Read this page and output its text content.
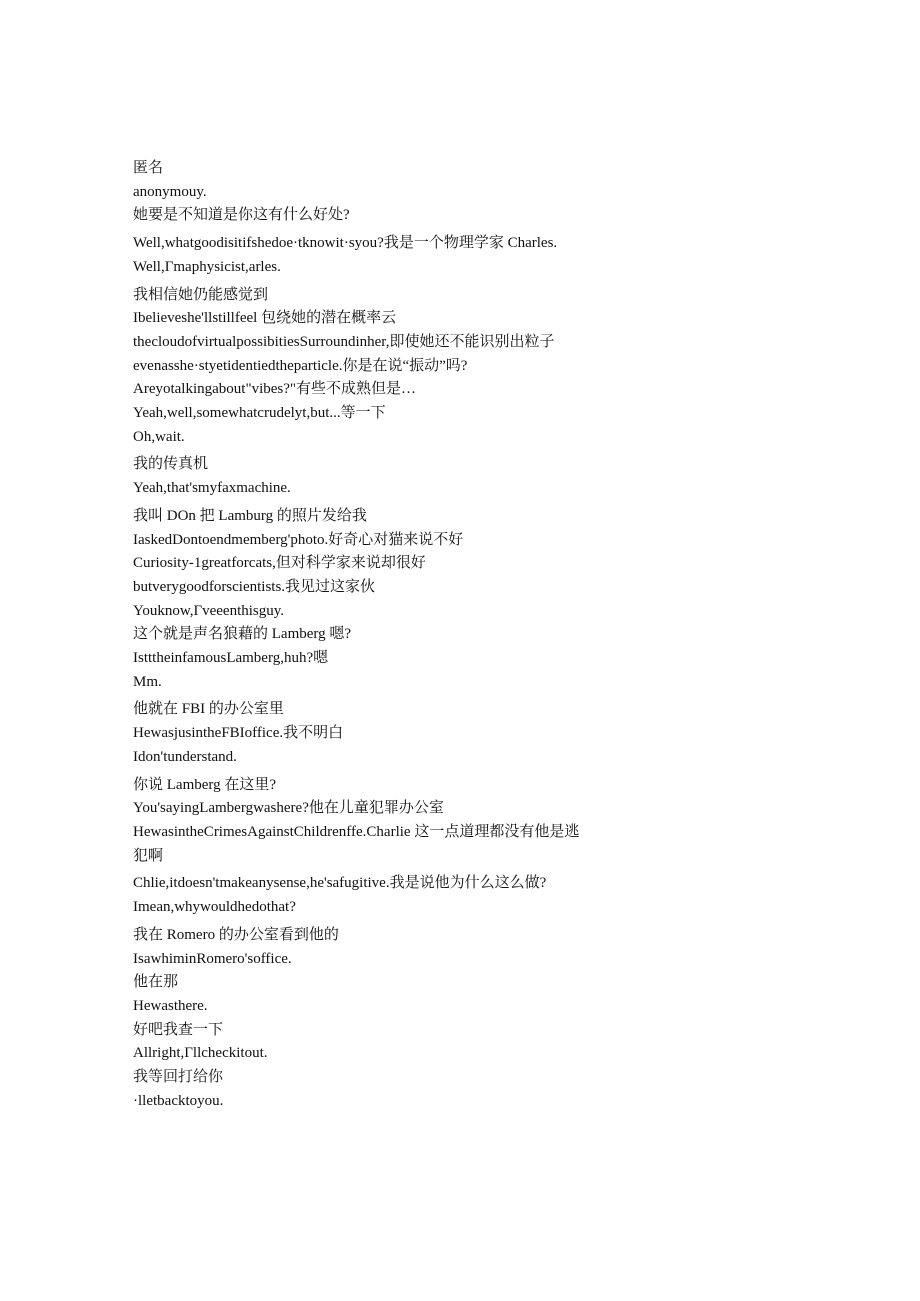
匿名

anonymouy.

她要是不知道是你这有什么好处?

Well,whatgoodisitifshedoe·tknowit·syou?我是一个物理学家 Charles.

Well,Γmaphysicist,arles.

我相信她仍能感觉到

Ibelieveshe'llstillfeel 包绕她的潜在概率云

thecloudofvirtualpossibitiesSurroundinher,即使她还不能识别出粒子

evenasshe·styetidentiedtheparticle.你是在说“振动”吗?

Areyotalkingabout"vibes?"有些不成熟但是…

Yeah,well,somewhatcrudelyt,but...等一下

Oh,wait.

我的传真机

Yeah,that'smyfaxmachine.

我叫 DOn 把 Lamburg 的照片发给我

IaskedDontoendmemberg'photo.好奇心对猫来说不好

Curiosity-1greatforcats,但对科学家来说却很好

butverygoodforscientists.我见过这家伙

Youknow,Γveeenthisguy.

这个就是声名狼藉的 Lamberg 嗯?

IstttheinfamousLamberg,huh?嗯

Mm.

他就在 FBI 的办公室里

HewasjusintheFBIoffice.我不明白

Idon'tunderstand.

你说 Lamberg 在这里?

You'sayingLambergwashere?他在儿童犯罪办公室

HewasintheCrimesAgainstChildrenffe.Charlie 这一点道理都没有他是逃

犯啊

Chlie,itdoesn'tmakeanysense,he'safugitive.我是说他为什么这么做?

Imean,whywouldhedothat?

我在 Romero 的办公室看到他的

IsawhiminRomero'soffice.

他在那

Hewasthere.

好吧我查一下

Allright,Γllcheckitout.

我等回打给你

·lletbacktoyou.
